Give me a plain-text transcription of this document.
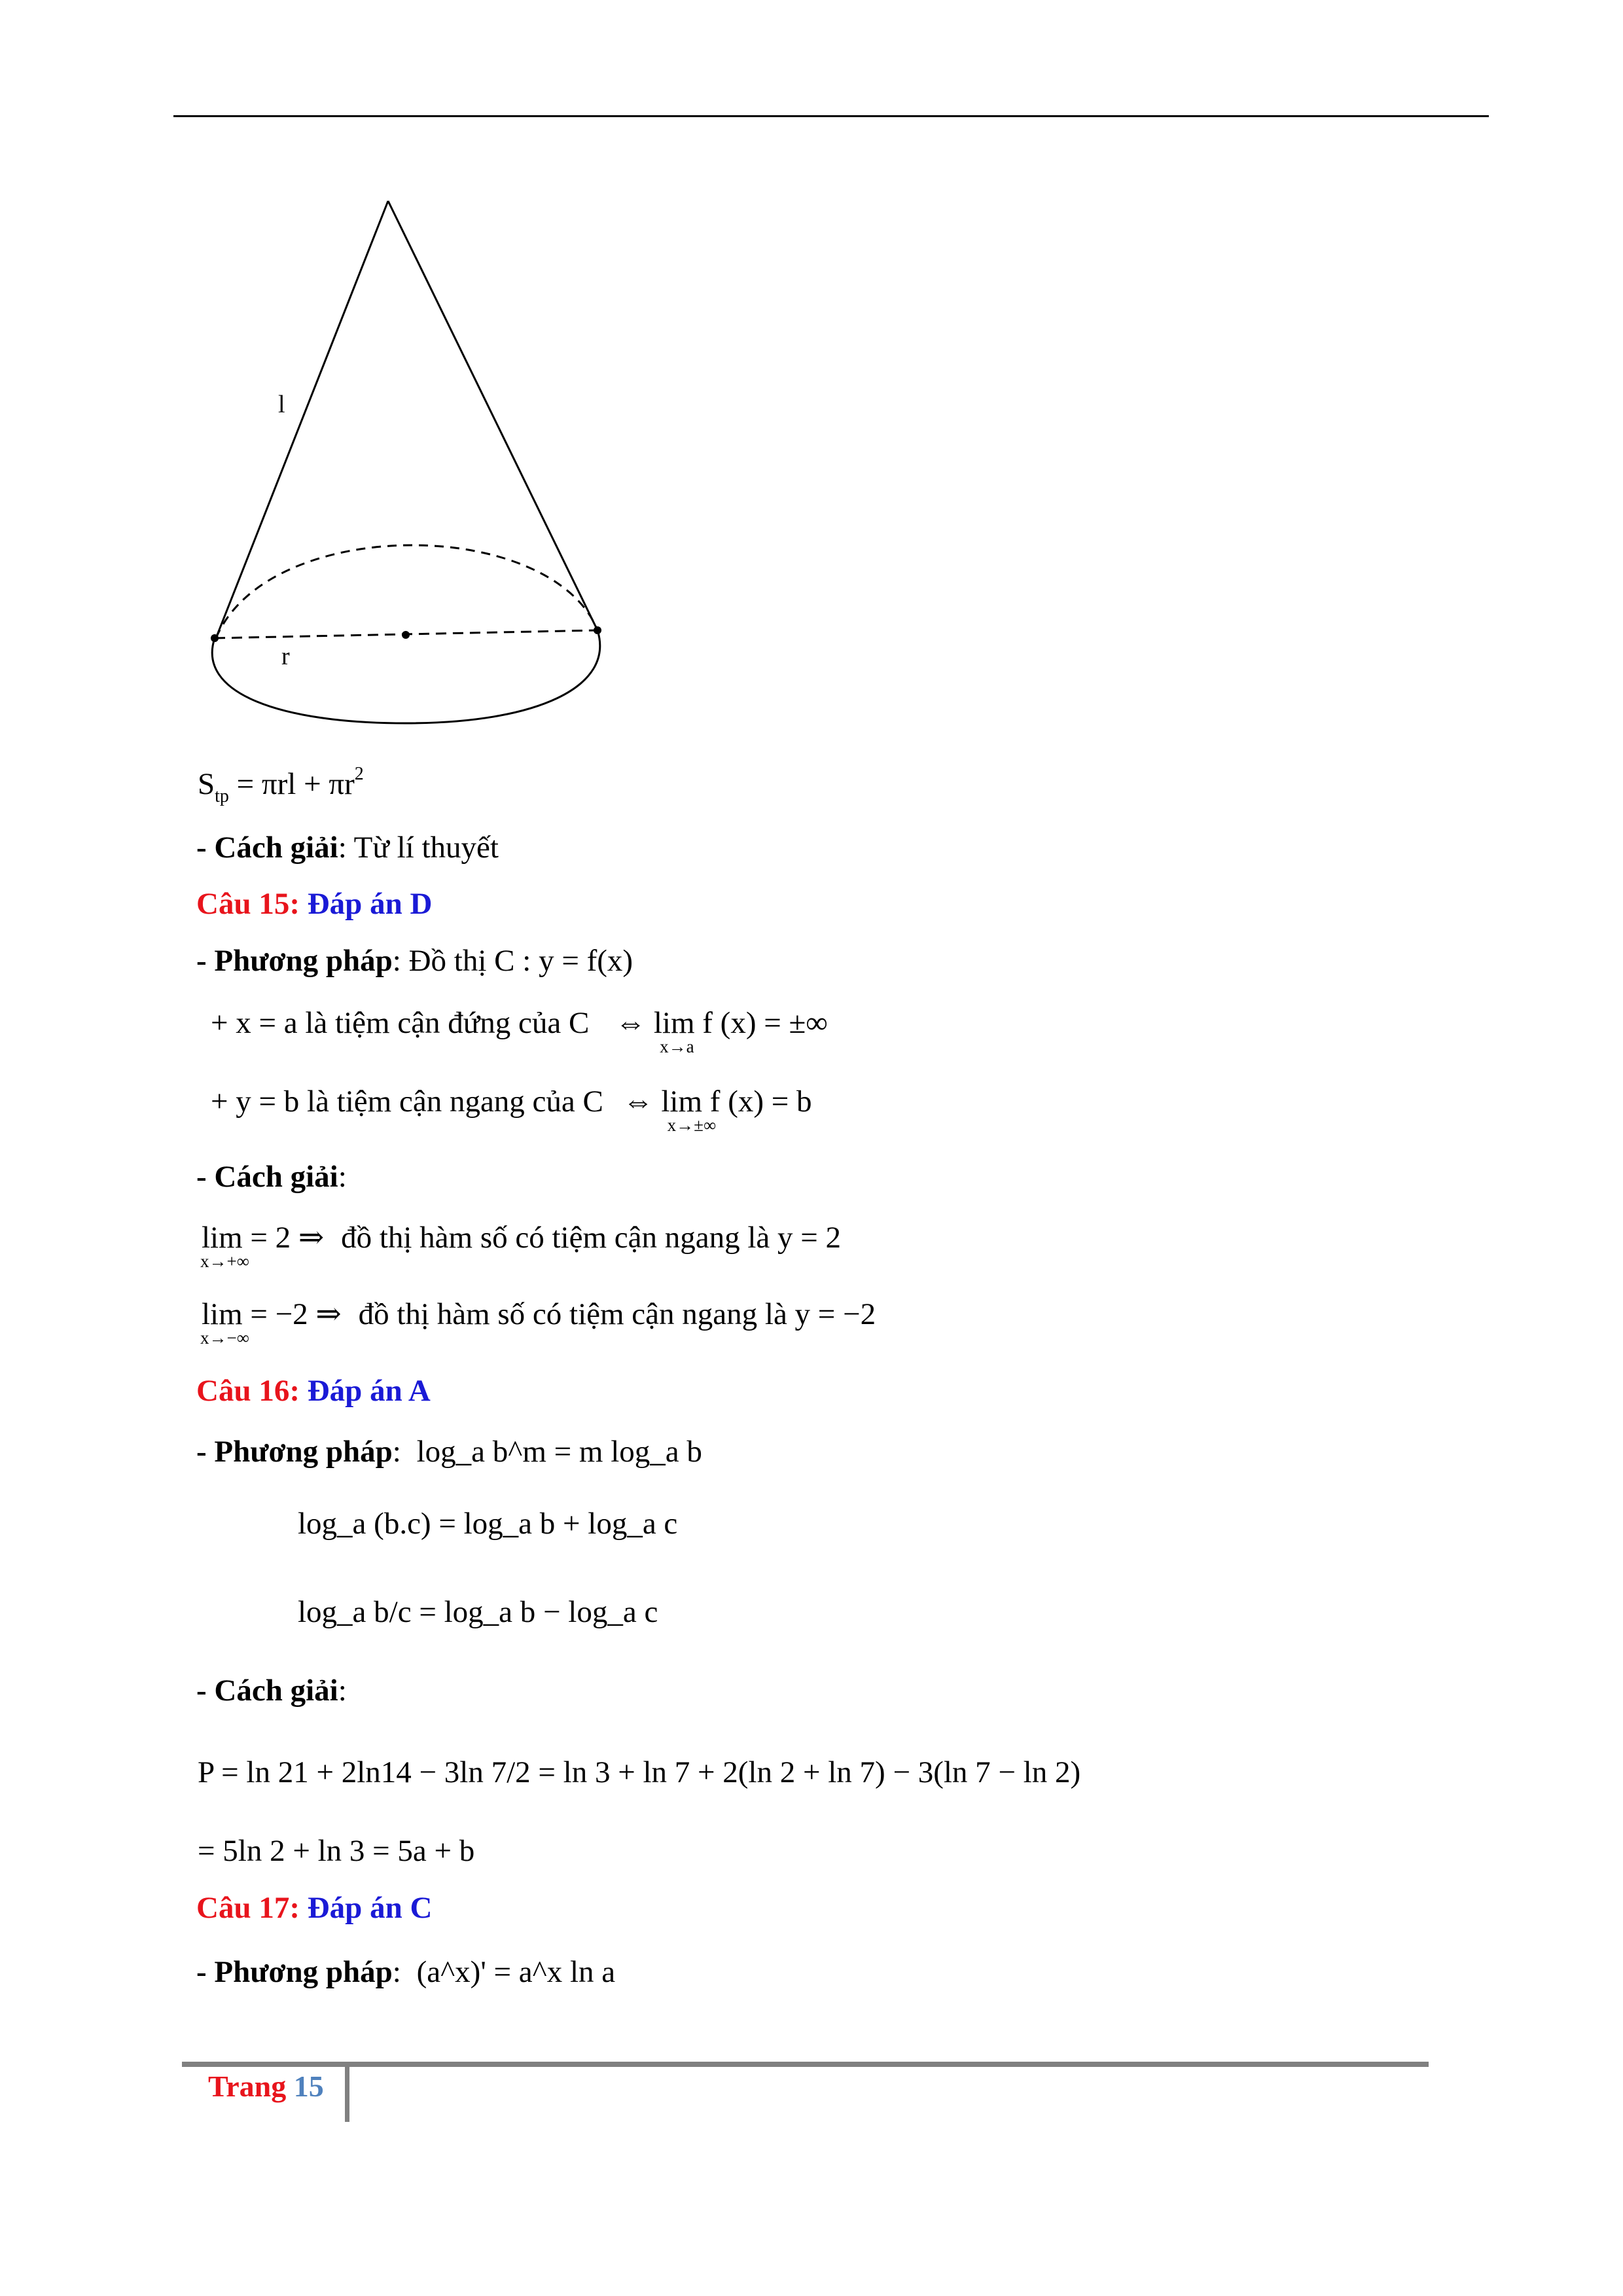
l
r
$S_{tp} = \pi rl + \pi r^2$
- Cách giải: Từ lí thuyết
Câu 15: Đáp án D
- Phương pháp: Đồ thị C : y = f(x)
+ x = a là tiệm cận đứng của C ⇔ lim f (x) = ±∞
x→a
+ y = b là tiệm cận ngang của C ⇔ lim f (x) = b
x→±∞
- Cách giải:
lim = 2 ⇒
x→+∞
đồ thị hàm số có tiệm cận ngang là y = 2
lim = −2 ⇒
x→−∞
đồ thị hàm số có tiệm cận ngang là y = −2
Câu 16: Đáp án A
- Phương pháp: log_a b^m = m log_a b
log_a (b.c) = log_a b + log_a c
log_a b/c = log_a b − log_a c
- Cách giải:
P = ln 21 + 2ln14 − 3ln 7/2 = ln 3 + ln 7 + 2(ln 2 + ln 7) − 3(ln 7 − ln 2)
= 5ln 2 + ln 3 = 5a + b
Câu 17: Đáp án C
- Phương pháp: (a^x)' = a^x ln a
Trang 15
